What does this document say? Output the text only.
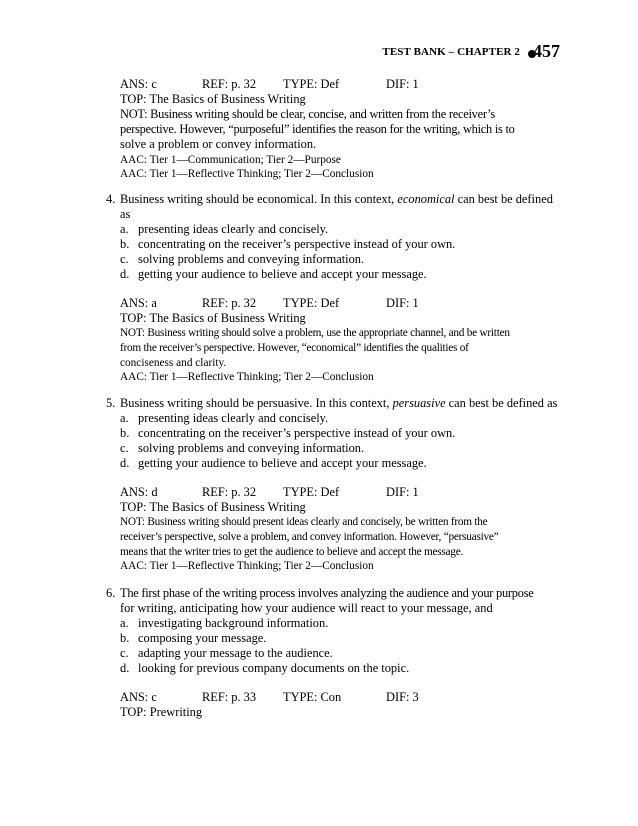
TEST BANK – CHAPTER 2 457
ANS: c	REF: p. 32 TYPE: Def	DIF: 1
TOP: The Basics of Business Writing
NOT: Business writing should be clear, concise, and written from the receiver’s
perspective. However, “purposeful” identifies the reason for the writing, which is to
solve a problem or convey information.
AAC: Tier 1—Communication; Tier 2—Purpose
AAC: Tier 1—Reflective Thinking; Tier 2—Conclusion
4. Business writing should be economical. In this context, economical can best be defined
as
a. presenting ideas clearly and concisely.
b. concentrating on the receiver’s perspective instead of your own.
c. solving problems and conveying information.
d. getting your audience to believe and accept your message.
ANS: a	REF: p. 32 TYPE: Def	DIF: 1
TOP: The Basics of Business Writing
NOT: Business writing should solve a problem, use the appropriate channel, and be written
from the receiver’s perspective. However, “economical” identifies the qualities of
conciseness and clarity.
AAC: Tier 1—Reflective Thinking; Tier 2—Conclusion
5. Business writing should be persuasive. In this context, persuasive can best be defined as
a. presenting ideas clearly and concisely.
b. concentrating on the receiver’s perspective instead of your own.
c. solving problems and conveying information.
d. getting your audience to believe and accept your message.
ANS: d	REF: p. 32 TYPE: Def	DIF: 1
TOP: The Basics of Business Writing
NOT: Business writing should present ideas clearly and concisely, be written from the
receiver’s perspective, solve a problem, and convey information. However, “persuasive”
means that the writer tries to get the audience to believe and accept the message.
AAC: Tier 1—Reflective Thinking; Tier 2—Conclusion
6. The first phase of the writing process involves analyzing the audience and your purpose
for writing, anticipating how your audience will react to your message, and
a. investigating background information.
b. composing your message.
c. adapting your message to the audience.
d. looking for previous company documents on the topic.
ANS: c	REF: p. 33 TYPE: Con	DIF: 3
TOP: Prewriting
